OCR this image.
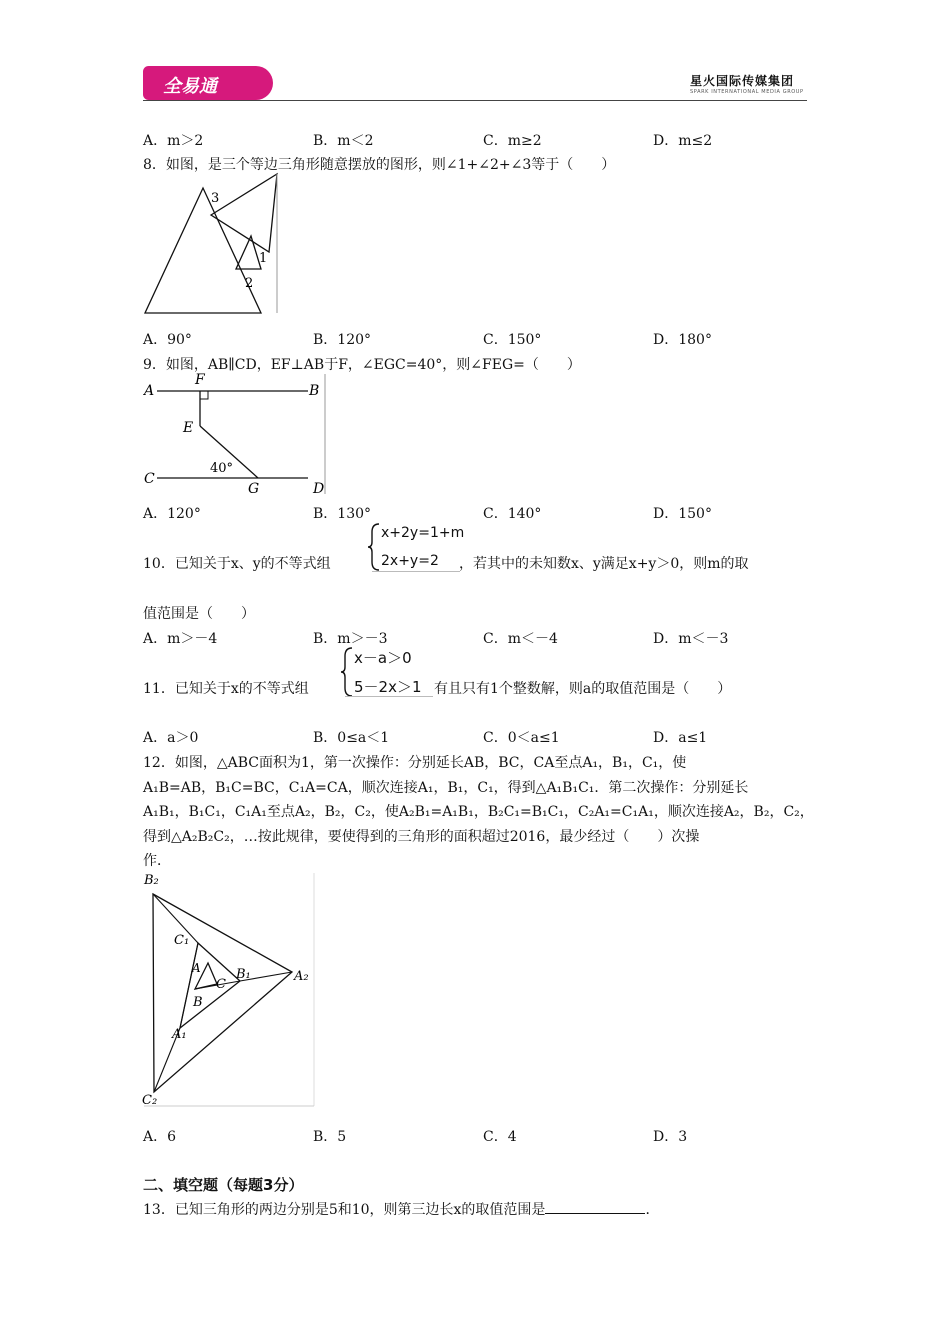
全易通	星火国际传媒集团
SPARK INTERNATIONAL MEDIA GROUP
A．m＞2	B．m＜2	C．m≥2	D．m≤2
8．如图，是三个等边三角形随意摆放的图形，则∠1+∠2+∠3等于（　　）
3
1
2
A．90°	B．120°	C．150°	D．180°
9．如图，AB∥CD，EF⊥AB于F，∠EGC=40°，则∠FEG=（　　）
A
F
B
E
40°
C
G	D
A．120°	B．130°	C．140°	D．150°
10．已知关于x、y的不等式组
x+2y=1+m
2x+y=2 ，若其中的未知数x、y满足x+y＞0，则m的取
值范围是（　　）
A．m＞－4	B．m＞－3	C．m＜－4	D．m＜－3
11．已知关于x的不等式组
x－a＞0
5－2x＞1 有且只有1个整数解，则a的取值范围是（　　）
A．a＞0	B．0≤a＜1	C．0＜a≤1	D．a≤1
12．如图，△ABC面积为1，第一次操作：分别延长AB，BC，CA至点A₁，B₁，C₁，使
A₁B=AB，B₁C=BC，C₁A=CA，顺次连接A₁，B₁，C₁，得到△A₁B₁C₁．第二次操作：分别延长
A₁B₁，B₁C₁，C₁A₁至点A₂，B₂，C₂，使A₂B₁=A₁B₁，B₂C₁=B₁C₁，C₂A₁=C₁A₁，顺次连接A₂，B₂，C₂，
得到△A₂B₂C₂，…按此规律，要使得到的三角形的面积超过2016，最少经过（　　）次操
作．
B₂
C₁
A	B₁
C
B
A₁
A₂
C₂
A．6	B．5	C．4	D．3
二、填空题（每题3分）
13．已知三角形的两边分别是5和10，则第三边长x的取值范围是	．
